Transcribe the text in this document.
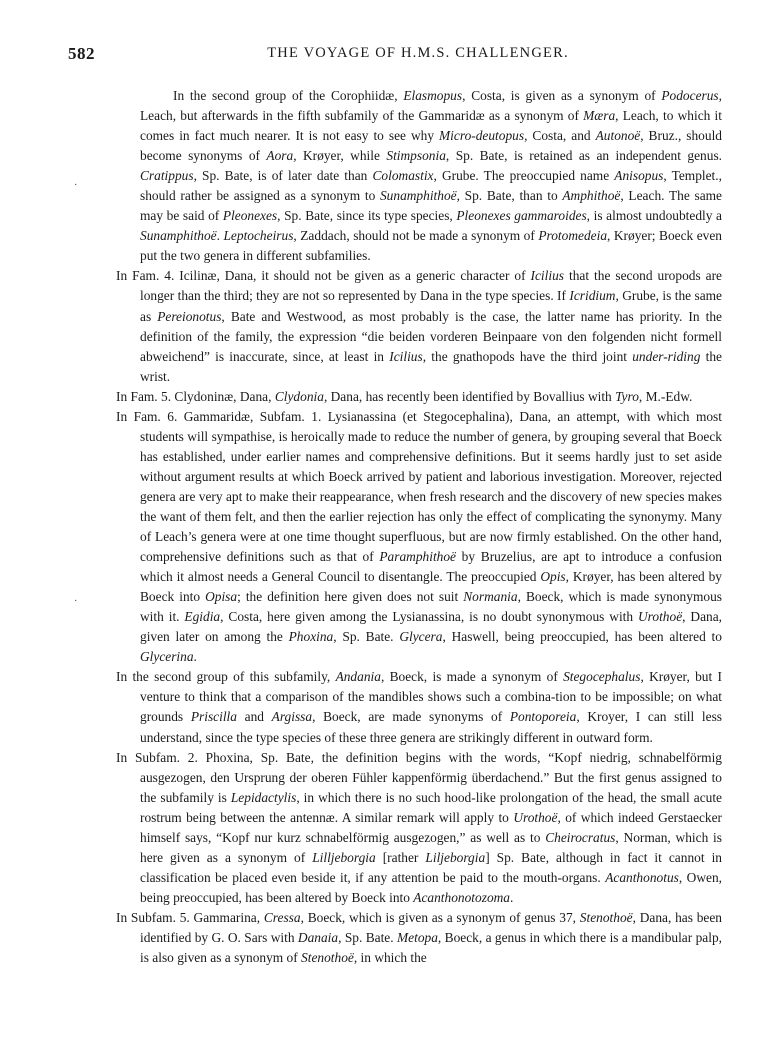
582	THE VOYAGE OF H.M.S. CHALLENGER.

In the second group of the Corophiidæ, Elasmopus, Costa, is given as a synonym of Podocerus, Leach, but afterwards in the fifth subfamily of the Gammaridæ as a synonym of Mæra, Leach, to which it comes in fact much nearer. It is not easy to see why Micro-deutopus, Costa, and Autonoë, Bruz., should become synonyms of Aora, Krøyer, while Stimpsonia, Sp. Bate, is retained as an independent genus. Cratippus, Sp. Bate, is of later date than Colomastix, Grube. The preoccupied name Anisopus, Templet., should rather be assigned as a synonym to Sunamphithoë, Sp. Bate, than to Amphithoë, Leach. The same may be said of Pleonexes, Sp. Bate, since its type species, Pleonexes gammaroides, is almost undoubtedly a Sunamphithoë. Leptocheirus, Zaddach, should not be made a synonym of Protomedeia, Krøyer; Boeck even put the two genera in different subfamilies.

In Fam. 4. Icilinæ, Dana, it should not be given as a generic character of Icilius that the second uropods are longer than the third; they are not so represented by Dana in the type species. If Icridium, Grube, is the same as Pereionotus, Bate and Westwood, as most probably is the case, the latter name has priority. In the definition of the family, the expression “die beiden vorderen Beinpaare von den folgenden nicht formell abweichend” is inaccurate, since, at least in Icilius, the gnathopods have the third joint under-riding the wrist.

In Fam. 5. Clydoninæ, Dana, Clydonia, Dana, has recently been identified by Bovallius with Tyro, M.-Edw.

In Fam. 6. Gammaridæ, Subfam. 1. Lysianassina (et Stegocephalina), Dana, an attempt, with which most students will sympathise, is heroically made to reduce the number of genera, by grouping several that Boeck has established, under earlier names and comprehensive definitions. But it seems hardly just to set aside without argument results at which Boeck arrived by patient and laborious investigation. Moreover, rejected genera are very apt to make their reappearance, when fresh research and the discovery of new species makes the want of them felt, and then the earlier rejection has only the effect of complicating the synonymy. Many of Leach’s genera were at one time thought superfluous, but are now firmly established. On the other hand, comprehensive definitions such as that of Paramphithoë by Bruzelius, are apt to introduce a confusion which it almost needs a General Council to disentangle. The preoccupied Opis, Krøyer, has been altered by Boeck into Opisa; the definition here given does not suit Normania, Boeck, which is made synonymous with it. Egidia, Costa, here given among the Lysianassina, is no doubt synonymous with Urothoë, Dana, given later on among the Phoxina, Sp. Bate. Glycera, Haswell, being preoccupied, has been altered to Glycerina.

In the second group of this subfamily, Andania, Boeck, is made a synonym of Stegocephalus, Krøyer, but I venture to think that a comparison of the mandibles shows such a combina-tion to be impossible; on what grounds Priscilla and Argissa, Boeck, are made synonyms of Pontoporeia, Kroyer, I can still less understand, since the type species of these three genera are strikingly different in outward form.

In Subfam. 2. Phoxina, Sp. Bate, the definition begins with the words, “Kopf niedrig, schnabelförmig ausgezogen, den Ursprung der oberen Fühler kappenförmig überdachend.” But the first genus assigned to the subfamily is Lepidactylis, in which there is no such hood-like prolongation of the head, the small acute rostrum being between the antennæ. A similar remark will apply to Urothoë, of which indeed Gerstaecker himself says, “Kopf nur kurz schnabelförmig ausgezogen,” as well as to Cheirocratus, Norman, which is here given as a synonym of Lilljeborgia [rather Liljeborgia] Sp. Bate, although in fact it cannot in classification be placed even beside it, if any attention be paid to the mouth-organs. Acanthonotus, Owen, being preoccupied, has been altered by Boeck into Acanthonotozoma.

In Subfam. 5. Gammarina, Cressa, Boeck, which is given as a synonym of genus 37, Stenothoë, Dana, has been identified by G. O. Sars with Danaia, Sp. Bate. Metopa, Boeck, a genus in which there is a mandibular palp, is also given as a synonym of Stenothoë, in which the

·
·
